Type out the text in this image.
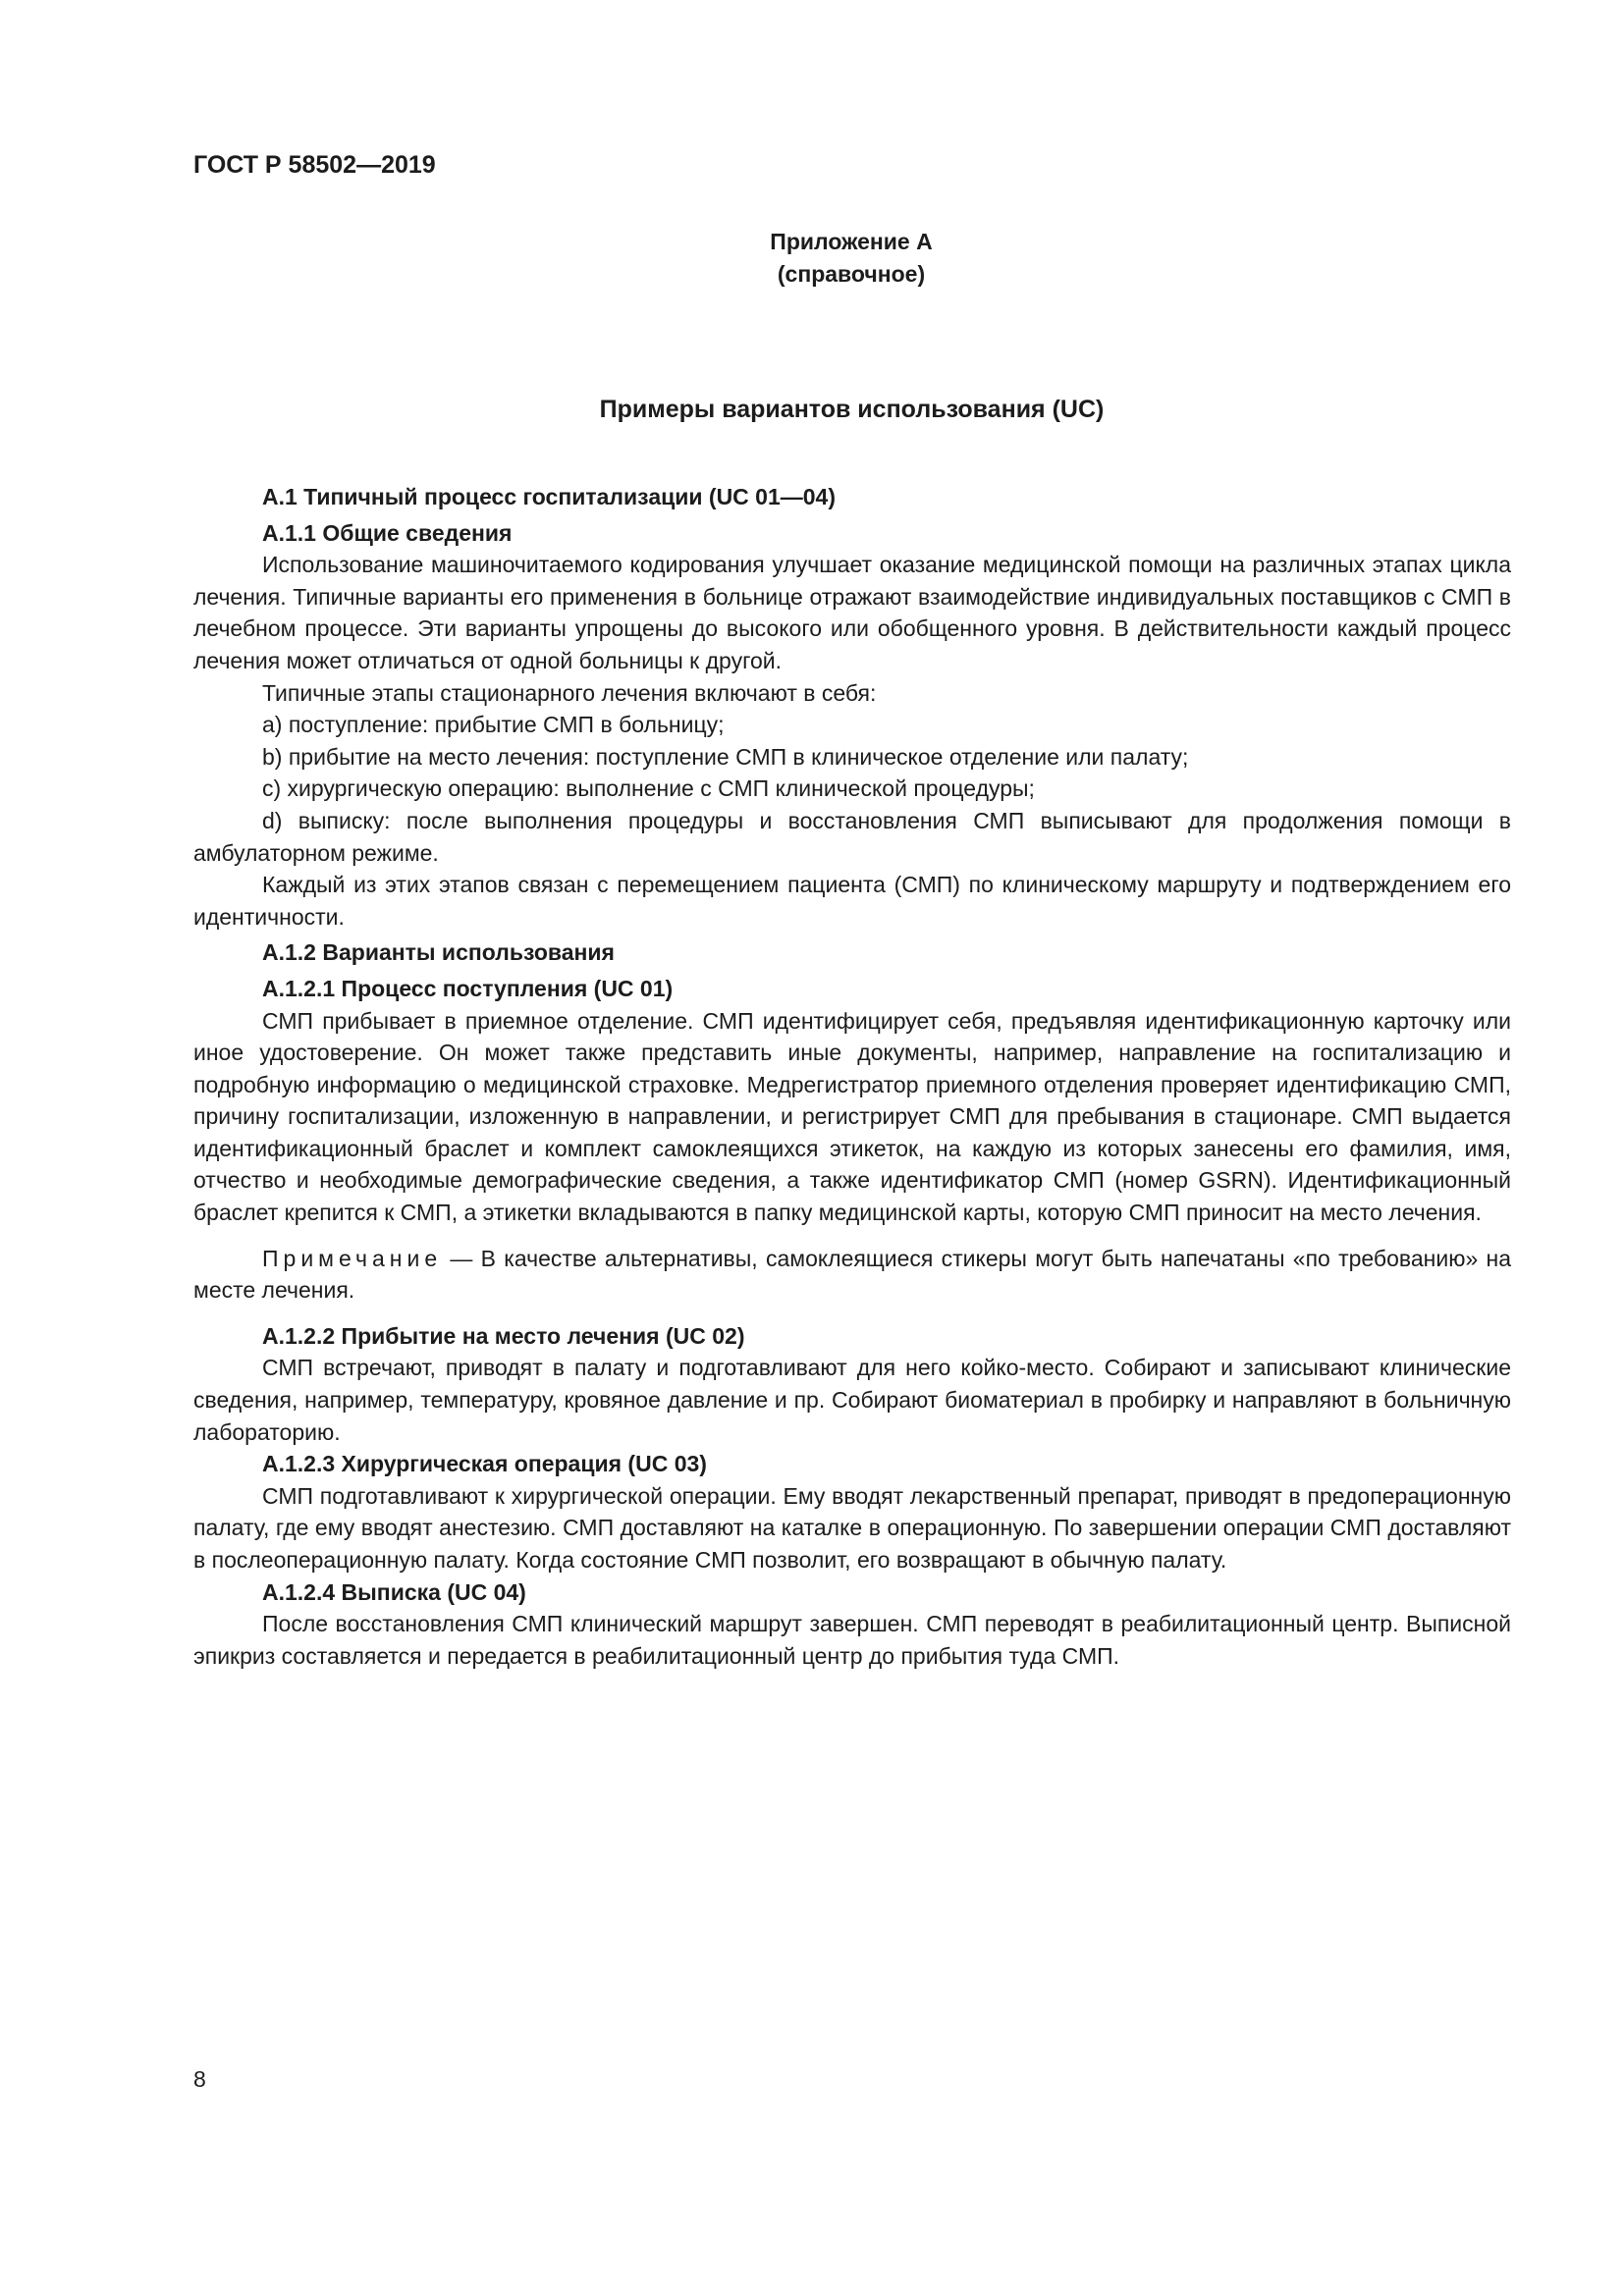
ГОСТ Р 58502—2019
Приложение А
(справочное)
Примеры вариантов использования (UC)

А.1 Типичный процесс госпитализации (UC 01—04)

А.1.1 Общие сведения

Использование машиночитаемого кодирования улучшает оказание медицинской помощи на различных этапах цикла лечения. Типичные варианты его применения в больнице отражают взаимодействие индивидуальных поставщиков с СМП в лечебном процессе. Эти варианты упрощены до высокого или обобщенного уровня. В действительности каждый процесс лечения может отличаться от одной больницы к другой.

Типичные этапы стационарного лечения включают в себя:

a) поступление: прибытие СМП в больницу;

b) прибытие на место лечения: поступление СМП в клиническое отделение или палату;

c) хирургическую операцию: выполнение с СМП клинической процедуры;

d) выписку: после выполнения процедуры и восстановления СМП выписывают для продолжения помощи в амбулаторном режиме.

Каждый из этих этапов связан с перемещением пациента (СМП) по клиническому маршруту и подтверждением его идентичности.

А.1.2 Варианты использования

А.1.2.1 Процесс поступления (UC 01)

СМП прибывает в приемное отделение. СМП идентифицирует себя, предъявляя идентификационную карточку или иное удостоверение. Он может также представить иные документы, например, направление на госпитализацию и подробную информацию о медицинской страховке. Медрегистратор приемного отделения проверяет идентификацию СМП, причину госпитализации, изложенную в направлении, и регистрирует СМП для пребывания в стационаре. СМП выдается идентификационный браслет и комплект самоклеящихся этикеток, на каждую из которых занесены его фамилия, имя, отчество и необходимые демографические сведения, а также идентификатор СМП (номер GSRN). Идентификационный браслет крепится к СМП, а этикетки вкладываются в папку медицинской карты, которую СМП приносит на место лечения.

Примечание — В качестве альтернативы, самоклеящиеся стикеры могут быть напечатаны «по требованию» на месте лечения.

А.1.2.2 Прибытие на место лечения (UC 02)

СМП встречают, приводят в палату и подготавливают для него койко-место. Собирают и записывают клинические сведения, например, температуру, кровяное давление и пр. Собирают биоматериал в пробирку и направляют в больничную лабораторию.

А.1.2.3 Хирургическая операция (UC 03)

СМП подготавливают к хирургической операции. Ему вводят лекарственный препарат, приводят в предоперационную палату, где ему вводят анестезию. СМП доставляют на каталке в операционную. По завершении операции СМП доставляют в послеоперационную палату. Когда состояние СМП позволит, его возвращают в обычную палату.

А.1.2.4 Выписка (UC 04)

После восстановления СМП клинический маршрут завершен. СМП переводят в реабилитационный центр. Выписной эпикриз составляется и передается в реабилитационный центр до прибытия туда СМП.

8
